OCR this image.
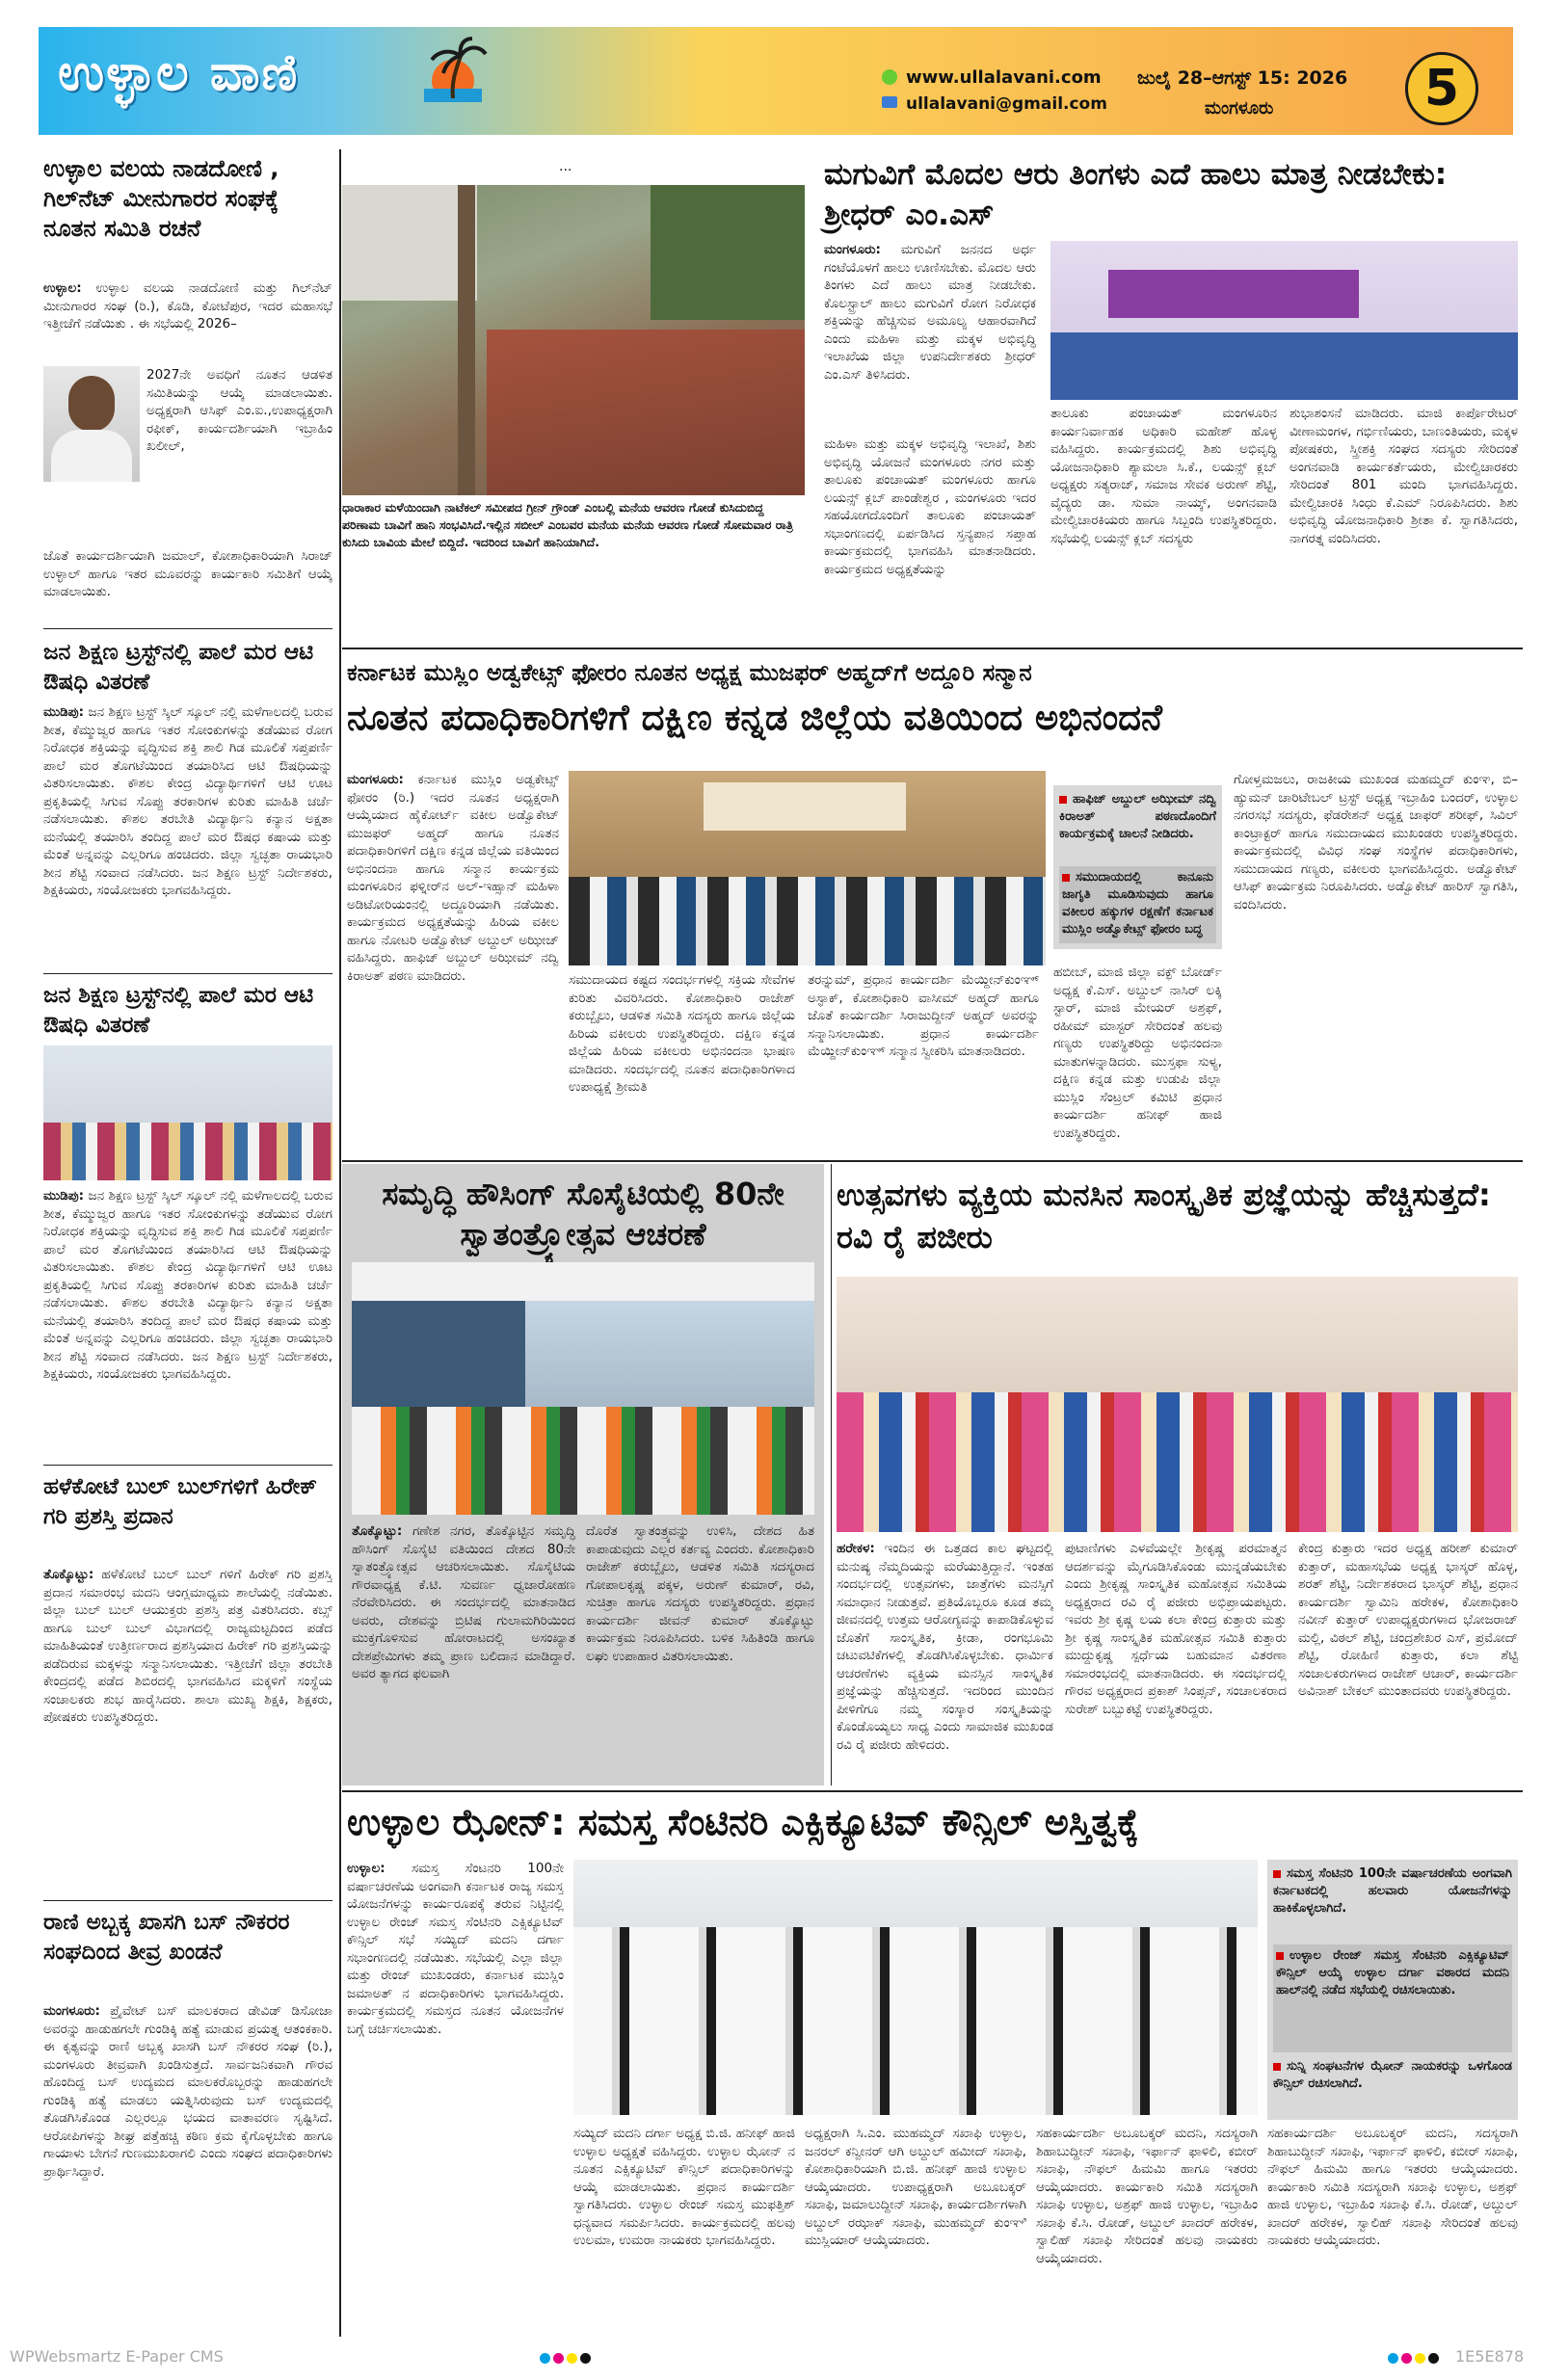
ಉಳ್ಳಾಲ ವಾಣಿ	www.ullalavani.com
ullalavani@gmail.com
ಜುಲೈ 28–ಆಗಸ್ಟ್ 15: 2026
ಮಂಗಳೂರು	5
ಉಳ್ಳಾಲ ವಲಯ ನಾಡದೋಣಿ , ಗಿಲ್‌ನೆಟ್ ಮೀನುಗಾರರ ಸಂಘಕ್ಕೆ ನೂತನ ಸಮಿತಿ ರಚನೆ
ಉಳ್ಳಾಲ: ಉಳ್ಳಾಲ ವಲಯ ನಾಡದೋಣಿ ಮತ್ತು ಗಿಲ್‌ನೆಟ್ ಮೀನುಗಾರರ ಸಂಘ (ರಿ.), ಕೊಡಿ, ಕೋಟೆಪುರ, ಇದರ ಮಹಾಸಭೆ ಇತ್ತೀಚೆಗೆ ನಡೆಯಿತು . ಈ ಸಭೆಯಲ್ಲಿ 2026–
2027ನೇ ಅವಧಿಗೆ ನೂತನ ಆಡಳಿತ ಸಮಿತಿಯನ್ನು ಆಯ್ಕೆ ಮಾಡಲಾಯಿತು. ಅಧ್ಯಕ್ಷರಾಗಿ ಆಸಿಫ್ ಎಂ.ಐ.,ಉಪಾಧ್ಯಕ್ಷರಾಗಿ ರಫೀಕ್, ಕಾರ್ಯದರ್ಶಿಯಾಗಿ ಇಬ್ರಾಹಿಂ ಖಲೀಲ್,
ಜೊತೆ ಕಾರ್ಯದರ್ಶಿಯಾಗಿ ಜಮಾಲ್, ಕೋಶಾಧಿಕಾರಿಯಾಗಿ ಸಿರಾಜ್ ಉಳ್ಳಾಲ್ ಹಾಗೂ ಇತರ ಮೂವರನ್ನು ಕಾರ್ಯಕಾರಿ ಸಮಿತಿಗೆ ಆಯ್ಕೆ ಮಾಡಲಾಯಿತು.
ಜನ ಶಿಕ್ಷಣ ಟ್ರಸ್ಟ್‌ನಲ್ಲಿ ಪಾಲೆ ಮರ ಆಟಿ ಔಷಧಿ ವಿತರಣೆ
ಮುಡಿಪು: ಜನ ಶಿಕ್ಷಣ ಟ್ರಸ್ಟ್ ಸ್ಕಿಲ್ ಸ್ಕೂಲ್ ನಲ್ಲಿ ಮಳೆಗಾಲದಲ್ಲಿ ಬರುವ ಶೀತ, ಕೆಮ್ಮುಜ್ವರ ಹಾಗೂ ಇತರ ಸೋಂಕುಗಳನ್ನು ತಡೆಯುವ ರೋಗ ನಿರೋಧಕ ಶಕ್ತಿಯನ್ನು ವೃದ್ಧಿಸುವ ಶಕ್ತಿ ಶಾಲಿ ಗಿಡ ಮೂಲಿಕೆ ಸಪ್ತಪರ್ಣಿ ಪಾಲೆ ಮರ ತೊಗಟೆಯಿಂದ ತಯಾರಿಸಿದ ಆಟಿ ಔಷಧಿಯನ್ನು ವಿತರಿಸಲಾಯಿತು. ಕೌಶಲ ಕೇಂದ್ರ ವಿದ್ಯಾರ್ಥಿಗಳಿಗೆ ಆಟಿ ಊಟ ಪ್ರಕೃತಿಯಲ್ಲಿ ಸಿಗುವ ಸೊಪ್ಪು ತರಕಾರಿಗಳ ಕುರಿತು ಮಾಹಿತಿ ಚರ್ಚೆ ನಡೆಸಲಾಯಿತು. ಕೌಶಲ ತರಬೇತಿ ವಿದ್ಯಾರ್ಥಿನಿ ಕನ್ಯಾನ ಅಕ್ಷತಾ ಮನೆಯಲ್ಲಿ ತಯಾರಿಸಿ ತಂದಿದ್ದ ಪಾಲೆ ಮರ ಔಷಧ ಕಷಾಯ ಮತ್ತು ಮೆಂತೆ ಅನ್ನವನ್ನು ಎಲ್ಲರಿಗೂ ಹಂಚಿದರು. ಜಿಲ್ಲಾ ಸ್ವಚ್ಛತಾ ರಾಯಭಾರಿ ಶೀನ ಶೆಟ್ಟಿ ಸಂವಾದ ನಡೆಸಿದರು. ಜನ ಶಿಕ್ಷಣ ಟ್ರಸ್ಟ್ ನಿರ್ದೇಶಕರು, ಶಿಕ್ಷಕಿಯರು, ಸಂಯೋಜಕರು ಭಾಗವಹಿಸಿದ್ದರು.
ಜನ ಶಿಕ್ಷಣ ಟ್ರಸ್ಟ್‌ನಲ್ಲಿ ಪಾಲೆ ಮರ ಆಟಿ ಔಷಧಿ ವಿತರಣೆ
ಮುಡಿಪು: ಜನ ಶಿಕ್ಷಣ ಟ್ರಸ್ಟ್ ಸ್ಕಿಲ್ ಸ್ಕೂಲ್ ನಲ್ಲಿ ಮಳೆಗಾಲದಲ್ಲಿ ಬರುವ ಶೀತ, ಕೆಮ್ಮುಜ್ವರ ಹಾಗೂ ಇತರ ಸೋಂಕುಗಳನ್ನು ತಡೆಯುವ ರೋಗ ನಿರೋಧಕ ಶಕ್ತಿಯನ್ನು ವೃದ್ಧಿಸುವ ಶಕ್ತಿ ಶಾಲಿ ಗಿಡ ಮೂಲಿಕೆ ಸಪ್ತಪರ್ಣಿ ಪಾಲೆ ಮರ ತೊಗಟೆಯಿಂದ ತಯಾರಿಸಿದ ಆಟಿ ಔಷಧಿಯನ್ನು ವಿತರಿಸಲಾಯಿತು. ಕೌಶಲ ಕೇಂದ್ರ ವಿದ್ಯಾರ್ಥಿಗಳಿಗೆ ಆಟಿ ಊಟ ಪ್ರಕೃತಿಯಲ್ಲಿ ಸಿಗುವ ಸೊಪ್ಪು ತರಕಾರಿಗಳ ಕುರಿತು ಮಾಹಿತಿ ಚರ್ಚೆ ನಡೆಸಲಾಯಿತು. ಕೌಶಲ ತರಬೇತಿ ವಿದ್ಯಾರ್ಥಿನಿ ಕನ್ಯಾನ ಅಕ್ಷತಾ ಮನೆಯಲ್ಲಿ ತಯಾರಿಸಿ ತಂದಿದ್ದ ಪಾಲೆ ಮರ ಔಷಧ ಕಷಾಯ ಮತ್ತು ಮೆಂತೆ ಅನ್ನವನ್ನು ಎಲ್ಲರಿಗೂ ಹಂಚಿದರು. ಜಿಲ್ಲಾ ಸ್ವಚ್ಛತಾ ರಾಯಭಾರಿ ಶೀನ ಶೆಟ್ಟಿ ಸಂವಾದ ನಡೆಸಿದರು. ಜನ ಶಿಕ್ಷಣ ಟ್ರಸ್ಟ್ ನಿರ್ದೇಶಕರು, ಶಿಕ್ಷಕಿಯರು, ಸಂಯೋಜಕರು ಭಾಗವಹಿಸಿದ್ದರು.
ಹಳೆಕೋಟೆ ಬುಲ್ ಬುಲ್‌ಗಳಿಗೆ ಹಿರೇಕ್ ಗರಿ ಪ್ರಶಸ್ತಿ ಪ್ರದಾನ
ತೊಕ್ಕೊಟ್ಟು: ಹಳೆಕೋಟೆ ಬುಲ್ ಬುಲ್ ಗಳಿಗೆ ಹಿರೇಕ್ ಗರಿ ಪ್ರಶಸ್ತಿ ಪ್ರದಾನ ಸಮಾರಂಭ ಮದನಿ ಆಂಗ್ಲಮಾಧ್ಯಮ ಶಾಲೆಯಲ್ಲಿ ನಡೆಯಿತು. ಜಿಲ್ಲಾ ಬುಲ್ ಬುಲ್ ಆಯುಕ್ತರು ಪ್ರಶಸ್ತಿ ಪತ್ರ ವಿತರಿಸಿದರು. ಕಬ್ಸ್ ಹಾಗೂ ಬುಲ್ ಬುಲ್ ವಿಭಾಗದಲ್ಲಿ ರಾಜ್ಯಮಟ್ಟದಿಂದ ಪಡೆದ ಮಾಹಿತಿಯಂತೆ ಉತ್ತೀರ್ಣರಾದ ಪ್ರಶಸ್ತಿಯಾದ ಹಿರೇಕ್ ಗರಿ ಪ್ರಶಸ್ತಿಯನ್ನು ಪಡೆದಿರುವ ಮಕ್ಕಳನ್ನು ಸನ್ಮಾನಿಸಲಾಯಿತು. ಇತ್ತೀಚೆಗೆ ಜಿಲ್ಲಾ ತರಬೇತಿ ಕೇಂದ್ರದಲ್ಲಿ ಪಡೆದ ಶಿಬಿರದಲ್ಲಿ ಭಾಗವಹಿಸಿದ ಮಕ್ಕಳಿಗೆ ಸಂಸ್ಥೆಯ ಸಂಚಾಲಕರು ಶುಭ ಹಾರೈಸಿದರು. ಶಾಲಾ ಮುಖ್ಯ ಶಿಕ್ಷಕಿ, ಶಿಕ್ಷಕರು, ಪೋಷಕರು ಉಪಸ್ಥಿತರಿದ್ದರು.
ರಾಣಿ ಅಬ್ಬಕ್ಕ ಖಾಸಗಿ ಬಸ್ ನೌಕರರ ಸಂಘದಿಂದ ತೀವ್ರ ಖಂಡನೆ
ಮಂಗಳೂರು: ಪ್ರೈವೇಟ್ ಬಸ್ ಮಾಲಕರಾದ ಡೇವಿಡ್ ಡಿಸೋಜಾ ಅವರನ್ನು ಹಾಡುಹಗಲೇ ಗುಂಡಿಕ್ಕಿ ಹತ್ಯೆ ಮಾಡುವ ಪ್ರಯತ್ನ ಆತಂಕಕಾರಿ. ಈ ಕೃತ್ಯವನ್ನು ರಾಣಿ ಅಬ್ಬಕ್ಕ ಖಾಸಗಿ ಬಸ್ ನೌಕರರ ಸಂಘ (ರಿ.), ಮಂಗಳೂರು ತೀವ್ರವಾಗಿ ಖಂಡಿಸುತ್ತದೆ. ಸಾರ್ವಜನಿಕವಾಗಿ ಗೌರವ ಹೊಂದಿದ್ದ ಬಸ್ ಉದ್ಯಮದ ಮಾಲಕರೊಬ್ಬರನ್ನು ಹಾಡುಹಗಲೇ ಗುಂಡಿಕ್ಕಿ ಹತ್ಯೆ ಮಾಡಲು ಯತ್ನಿಸಿರುವುದು ಬಸ್ ಉದ್ಯಮದಲ್ಲಿ ತೊಡಗಿಸಿಕೊಂಡ ಎಲ್ಲರಲ್ಲೂ ಭಯದ ವಾತಾವರಣ ಸೃಷ್ಟಿಸಿದೆ. ಆರೋಪಿಗಳನ್ನು ಶೀಘ್ರ ಪತ್ತೆಹಚ್ಚಿ ಕಠಿಣ ಕ್ರಮ ಕೈಗೊಳ್ಳಬೇಕು ಹಾಗೂ ಗಾಯಾಳು ಬೇಗನೆ ಗುಣಮುಖರಾಗಲಿ ಎಂದು ಸಂಘದ ಪದಾಧಿಕಾರಿಗಳು ಪ್ರಾರ್ಥಿಸಿದ್ದಾರೆ.
...
ಧಾರಾಕಾರ ಮಳೆಯಿಂದಾಗಿ ನಾಟೆಕಲ್ ಸಮೀಪದ ಗ್ರೀನ್ ಗ್ರೌಂಡ್ ಎಂಬಲ್ಲಿ ಮನೆಯ ಆವರಣ ಗೋಡೆ ಕುಸಿದುಬಿದ್ದ ಪರಿಣಾಮ ಬಾವಿಗೆ ಹಾನಿ ಸಂಭವಿಸಿದೆ.ಇಲ್ಲಿನ ಸಬೀಲ್ ಎಂಬವರ ಮನೆಯ ಮನೆಯ ಆವರಣ ಗೋಡೆ ಸೋಮವಾರ ರಾತ್ರಿ ಕುಸಿದು ಬಾವಿಯ ಮೇಲೆ ಬಿದ್ದಿದೆ. ಇದರಿಂದ ಬಾವಿಗೆ ಹಾನಿಯಾಗಿದೆ.
ಮಗುವಿಗೆ ಮೊದಲ ಆರು ತಿಂಗಳು ಎದೆ ಹಾಲು ಮಾತ್ರ ನೀಡಬೇಕು: ಶ್ರೀಧರ್ ಎಂ.ಎಸ್
ಮಂಗಳೂರು: ಮಗುವಿಗೆ ಜನನದ ಅರ್ಧ ಗಂಟೆಯೊಳಗೆ ಹಾಲು ಊಣಿಸಬೇಕು. ಮೊದಲ ಆರು ತಿಂಗಳು ಎದೆ ಹಾಲು ಮಾತ್ರ ನೀಡಬೇಕು. ಕೊಲಸ್ಟ್ರಾಲ್ ಹಾಲು ಮಗುವಿಗೆ ರೋಗ ನಿರೋಧಕ ಶಕ್ತಿಯನ್ನು ಹೆಚ್ಚಿಸುವ ಅಮೂಲ್ಯ ಆಹಾರವಾಗಿದೆ ಎಂದು ಮಹಿಳಾ ಮತ್ತು ಮಕ್ಕಳ ಅಭಿವೃದ್ಧಿ ಇಲಾಖೆಯ ಜಿಲ್ಲಾ ಉಪನಿರ್ದೇಶಕರು ಶ್ರೀಧರ್ ಎಂ.ಎಸ್ ತಿಳಿಸಿದರು.
ಮಹಿಳಾ ಮತ್ತು ಮಕ್ಕಳ ಅಭಿವೃದ್ಧಿ ಇಲಾಖೆ, ಶಿಶು ಅಭಿವೃದ್ಧಿ ಯೋಜನೆ ಮಂಗಳೂರು ನಗರ ಮತ್ತು ತಾಲೂಕು ಪಂಚಾಯತ್ ಮಂಗಳೂರು ಹಾಗೂ ಲಯನ್ಸ್ ಕ್ಲಬ್ ಪಾಂಡೇಶ್ವರ , ಮಂಗಳೂರು ಇದರ ಸಹಯೋಗದೊಂದಿಗೆ ತಾಲೂಕು ಪಂಚಾಯತ್ ಸಭಾಂಗಣದಲ್ಲಿ ಏರ್ಪಡಿಸಿದ ಸ್ತನ್ಯಪಾನ ಸಪ್ತಾಹ ಕಾರ್ಯಕ್ರಮದಲ್ಲಿ ಭಾಗವಹಿಸಿ ಮಾತನಾಡಿದರು. ಕಾರ್ಯಕ್ರಮದ ಅಧ್ಯಕ್ಷತೆಯನ್ನು
ತಾಲೂಕು ಪಂಚಾಯತ್ ಮಂಗಳೂರಿನ ಕಾರ್ಯನಿರ್ವಾಹಕ ಅಧಿಕಾರಿ ಮಹೇಶ್ ಹೊಳ್ಳ ವಹಿಸಿದ್ದರು. ಕಾರ್ಯಕ್ರಮದಲ್ಲಿ ಶಿಶು ಅಭಿವೃದ್ಧಿ ಯೋಜನಾಧಿಕಾರಿ ಶ್ಯಾಮಲಾ ಸಿ.ಕೆ., ಲಯನ್ಸ್ ಕ್ಲಬ್ ಅಧ್ಯಕ್ಷರು ಸತ್ಯರಾಜ್, ಸಮಾಜ ಸೇವಕ ಅರುಣ್ ಶೆಟ್ಟಿ, ವೈದ್ಯರು ಡಾ. ಸುಮಾ ನಾಯ್ಕ್, ಅಂಗನವಾಡಿ ಮೇಲ್ವಿಚಾರಕಿಯರು ಹಾಗೂ ಸಿಬ್ಬಂದಿ ಉಪಸ್ಥಿತರಿದ್ದರು. ಸಭೆಯಲ್ಲಿ ಲಯನ್ಸ್ ಕ್ಲಬ್ ಸದಸ್ಯರು
ಶುಭಾಶಂಸನೆ ಮಾಡಿದರು. ಮಾಜಿ ಕಾರ್ಪೊರೇಟರ್ ವೀಣಾಮಂಗಳ, ಗರ್ಭಿಣಿಯರು, ಬಾಣಂತಿಯರು, ಮಕ್ಕಳ ಪೋಷಕರು, ಸ್ತ್ರೀಶಕ್ತಿ ಸಂಘದ ಸದಸ್ಯರು ಸೇರಿದಂತೆ ಅಂಗನವಾಡಿ ಕಾರ್ಯಕರ್ತೆಯರು, ಮೇಲ್ವಿಚಾರಕರು ಸೇರಿದಂತೆ 801 ಮಂದಿ ಭಾಗವಹಿಸಿದ್ದರು. ಮೇಲ್ವಿಚಾರಕಿ ಸಿಂಧು ಕೆ.ಎಮ್ ನಿರೂಪಿಸಿದರು. ಶಿಶು ಅಭಿವೃದ್ಧಿ ಯೋಜನಾಧಿಕಾರಿ ಶ್ರೀತಾ ಕೆ. ಸ್ವಾಗತಿಸಿದರು, ನಾಗರತ್ನ ವಂದಿಸಿದರು.
ಕರ್ನಾಟಕ ಮುಸ್ಲಿಂ ಅಡ್ವಕೇಟ್ಸ್ ಫೋರಂ ನೂತನ ಅಧ್ಯಕ್ಷ ಮುಜಫರ್ ಅಹ್ಮದ್‌ಗೆ ಅದ್ದೂರಿ ಸನ್ಮಾನ
ನೂತನ ಪದಾಧಿಕಾರಿಗಳಿಗೆ ದಕ್ಷಿಣ ಕನ್ನಡ ಜಿಲ್ಲೆಯ ವತಿಯಿಂದ ಅಭಿನಂದನೆ
ಮಂಗಳೂರು: ಕರ್ನಾಟಕ ಮುಸ್ಲಿಂ ಅಡ್ವಕೇಟ್ಸ್ ಫೋರಂ (ರಿ.) ಇದರ ನೂತನ ಅಧ್ಯಕ್ಷರಾಗಿ ಆಯ್ಕೆಯಾದ ಹೈಕೋರ್ಟ್ ವಕೀಲ ಅಡ್ವೊಕೇಟ್ ಮುಜಫರ್ ಅಹ್ಮದ್ ಹಾಗೂ ನೂತನ ಪದಾಧಿಕಾರಿಗಳಿಗೆ ದಕ್ಷಿಣ ಕನ್ನಡ ಜಿಲ್ಲೆಯ ವತಿಯಿಂದ ಅಭಿನಂದನಾ ಹಾಗೂ ಸನ್ಮಾನ ಕಾರ್ಯಕ್ರಮ ಮಂಗಳೂರಿನ ಫಳ್ನೀರ್‌ನ ಅಲ್-ಇಹ್ಸಾನ್ ಮಹಿಳಾ ಅಡಿಟೋರಿಯಂನಲ್ಲಿ ಅದ್ದೂರಿಯಾಗಿ ನಡೆಯಿತು. ಕಾರ್ಯಕ್ರಮದ ಅಧ್ಯಕ್ಷತೆಯನ್ನು ಹಿರಿಯ ವಕೀಲ ಹಾಗೂ ನೋಟರಿ ಅಡ್ವೊಕೇಟ್ ಅಬ್ದುಲ್ ಅಝೀಜ್ ವಹಿಸಿದ್ದರು. ಹಾಫಿಜ್ ಅಬ್ದುಲ್ ಅಝೀಮ್ ನದ್ವಿ ಕಿರಾಅತ್ ಪಠಣ ಮಾಡಿದರು.
ಹಾಫಿಜ್ ಅಬ್ದುಲ್ ಅಝೀಮ್ ನದ್ವಿ ಕಿರಾಅತ್ ಪಠಣದೊಂದಿಗೆ ಕಾರ್ಯಕ್ರಮಕ್ಕೆ ಚಾಲನೆ ನೀಡಿದರು.
ಸಮುದಾಯದಲ್ಲಿ ಕಾನೂನು ಜಾಗೃತಿ ಮೂಡಿಸುವುದು ಹಾಗೂ ವಕೀಲರ ಹಕ್ಕುಗಳ ರಕ್ಷಣೆಗೆ ಕರ್ನಾಟಕ ಮುಸ್ಲಿಂ ಅಡ್ವೊಕೇಟ್ಸ್ ಫೋರಂ ಬದ್ಧ
ಸಮುದಾಯದ ಕಷ್ಟದ ಸಂದರ್ಭಗಳಲ್ಲಿ ಸಕ್ರಿಯ ಸೇವೆಗಳ ಕುರಿತು ವಿವರಿಸಿದರು. ಕೋಶಾಧಿಕಾರಿ ರಾಜೇಶ್ ಕರುಬ್ಬೈಲು, ಆಡಳಿತ ಸಮಿತಿ ಸದಸ್ಯರು ಹಾಗೂ ಜಿಲ್ಲೆಯ ಹಿರಿಯ ವಕೀಲರು ಉಪಸ್ಥಿತರಿದ್ದರು. ದಕ್ಷಿಣ ಕನ್ನಡ ಜಿಲ್ಲೆಯ ಹಿರಿಯ ವಕೀಲರು ಅಭಿನಂದನಾ ಭಾಷಣ ಮಾಡಿದರು. ಸಂದರ್ಭದಲ್ಲಿ ನೂತನ ಪದಾಧಿಕಾರಿಗಳಾದ ಉಪಾಧ್ಯಕ್ಷೆ ಶ್ರೀಮತಿ
ತರನ್ನುಮ್, ಪ್ರಧಾನ ಕಾರ್ಯದರ್ಶಿ ಮೆಯ್ದೀನ್‌ಕುಂಞ್ ಅಸ್ಫಾಕ್, ಕೋಶಾಧಿಕಾರಿ ವಾಸೀಮ್ ಅಹ್ಮದ್ ಹಾಗೂ ಜೊತೆ ಕಾರ್ಯದರ್ಶಿ ಸಿರಾಜುದ್ದೀನ್ ಅಹ್ಮದ್ ಅವರನ್ನು ಸನ್ಮಾನಿಸಲಾಯಿತು. ಪ್ರಧಾನ ಕಾರ್ಯದರ್ಶಿ ಮೆಯ್ದೀನ್‌ಕುಂಞ್ ಸನ್ಮಾನ ಸ್ವೀಕರಿಸಿ ಮಾತನಾಡಿದರು.
ಹಬೀಬ್, ಮಾಜಿ ಜಿಲ್ಲಾ ವಕ್ಫ್ ಬೋರ್ಡ್ ಅಧ್ಯಕ್ಷ ಕೆ.ಎಸ್. ಅಬ್ದುಲ್ ನಾಸಿರ್ ಲಕ್ಕಿ ಸ್ಟಾರ್, ಮಾಜಿ ಮೇಯರ್ ಅಶ್ರಫ್, ರಹೀಮ್ ಮಾಸ್ಟರ್ ಸೇರಿದಂತೆ ಹಲವು ಗಣ್ಯರು ಉಪಸ್ಥಿತರಿದ್ದು ಅಭಿನಂದನಾ ಮಾತುಗಳನ್ನಾಡಿದರು. ಮುಸ್ತಫಾ ಸುಳ್ಯ, ದಕ್ಷಿಣ ಕನ್ನಡ ಮತ್ತು ಉಡುಪಿ ಜಿಲ್ಲಾ ಮುಸ್ಲಿಂ ಸೆಂಟ್ರಲ್ ಕಮಿಟಿ ಪ್ರಧಾನ ಕಾರ್ಯದರ್ಶಿ ಹನೀಫ್ ಹಾಜಿ ಉಪಸ್ಥಿತರಿದ್ದರು.
ಗೋಳ್ತಮಜಲು, ರಾಜಕೀಯ ಮುಖಂಡ ಮಹಮ್ಮದ್ ಕುಂಞ, ಬಿ–ಹ್ಯುಮನ್ ಚಾರಿಟೇಬಲ್ ಟ್ರಸ್ಟ್ ಅಧ್ಯಕ್ಷ ಇಬ್ರಾಹಿಂ ಬಂದರ್, ಉಳ್ಳಾಲ ನಗರಸಭೆ ಸದಸ್ಯರು, ಫೆಡರೇಶನ್ ಅಧ್ಯಕ್ಷ ಜಾಫರ್ ಶರೀಫ್, ಸಿವಿಲ್ ಕಾಂಟ್ರಾಕ್ಟರ್ ಹಾಗೂ ಸಮುದಾಯದ ಮುಖಂಡರು ಉಪಸ್ಥಿತರಿದ್ದರು. ಕಾರ್ಯಕ್ರಮದಲ್ಲಿ ವಿವಿಧ ಸಂಘ ಸಂಸ್ಥೆಗಳ ಪದಾಧಿಕಾರಿಗಳು, ಸಮುದಾಯದ ಗಣ್ಯರು, ವಕೀಲರು ಭಾಗವಹಿಸಿದ್ದರು. ಅಡ್ವೊಕೇಟ್ ಆಸಿಫ್ ಕಾರ್ಯಕ್ರಮ ನಿರೂಪಿಸಿದರು. ಅಡ್ವೊಕೇಟ್ ಹಾರಿಸ್ ಸ್ವಾಗತಿಸಿ, ವಂದಿಸಿದರು.
ಸಮೃದ್ಧಿ ಹೌಸಿಂಗ್ ಸೊಸೈಟಿಯಲ್ಲಿ 80ನೇ ಸ್ವಾತಂತ್ರ್ಯೋತ್ಸವ ಆಚರಣೆ
ತೊಕ್ಕೊಟ್ಟು: ಗಣೇಶ ನಗರ, ತೊಕ್ಕೊಟ್ಟಿನ ಸಮೃದ್ಧಿ ಹೌಸಿಂಗ್ ಸೊಸೈಟಿ ವತಿಯಿಂದ ದೇಶದ 80ನೇ ಸ್ವಾತಂತ್ರ್ಯೋತ್ಸವ ಆಚರಿಸಲಾಯಿತು. ಸೊಸೈಟಿಯ ಗೌರವಾಧ್ಯಕ್ಷ ಕೆ.ಟಿ. ಸುವರ್ಣ ಧ್ವಜಾರೋಹಣ ನೆರವೇರಿಸಿದರು. ಈ ಸಂದರ್ಭದಲ್ಲಿ ಮಾತನಾಡಿದ ಅವರು, ದೇಶವನ್ನು ಬ್ರಿಟಿಷ ಗುಲಾಮಗಿರಿಯಿಂದ ಮುಕ್ತಗೊಳಿಸುವ ಹೋರಾಟದಲ್ಲಿ ಅಸಂಖ್ಯಾತ ದೇಶಪ್ರೇಮಿಗಳು ತಮ್ಮ ಪ್ರಾಣ ಬಲಿದಾನ ಮಾಡಿದ್ದಾರೆ. ಅವರ ತ್ಯಾಗದ ಫಲವಾಗಿ
ದೊರೆತ ಸ್ವಾತಂತ್ರ್ಯವನ್ನು ಉಳಿಸಿ, ದೇಶದ ಹಿತ ಕಾಪಾಡುವುದು ಎಲ್ಲರ ಕರ್ತವ್ಯ ಎಂದರು. ಕೋಶಾಧಿಕಾರಿ ರಾಜೇಶ್ ಕರುಬ್ಬೈಲು, ಆಡಳಿತ ಸಮಿತಿ ಸದಸ್ಯರಾದ ಗೋಪಾಲಕೃಷ್ಣ ಪಕ್ಕಳ, ಅರುಣ್ ಕುಮಾರ್, ರವಿ, ಸುಚಿತ್ರಾ ಹಾಗೂ ಸದಸ್ಯರು ಉಪಸ್ಥಿತರಿದ್ದರು. ಪ್ರಧಾನ ಕಾರ್ಯದರ್ಶಿ ಜೀವನ್ ಕುಮಾರ್ ತೊಕ್ಕೊಟ್ಟು ಕಾರ್ಯಕ್ರಮ ನಿರೂಪಿಸಿದರು. ಬಳಿಕ ಸಿಹಿತಿಂಡಿ ಹಾಗೂ ಲಘು ಉಪಾಹಾರ ವಿತರಿಸಲಾಯಿತು.
ಉತ್ಸವಗಳು ವ್ಯಕ್ತಿಯ ಮನಸಿನ ಸಾಂಸ್ಕೃತಿಕ ಪ್ರಜ್ಞೆಯನ್ನು ಹೆಚ್ಚಿಸುತ್ತದೆ: ರವಿ ರೈ ಪಜೀರು
ಹರೇಕಳ: ಇಂದಿನ ಈ ಒತ್ತಡದ ಕಾಲ ಘಟ್ಟದಲ್ಲಿ ಮನುಷ್ಯ ನೆಮ್ಮದಿಯನ್ನು ಮರೆಯುತ್ತಿದ್ದಾನೆ. ಇಂತಹ ಸಂದರ್ಭದಲ್ಲಿ ಉತ್ಸವಗಳು, ಜಾತ್ರೆಗಳು ಮನಸ್ಸಿಗೆ ಸಮಾಧಾನ ನೀಡುತ್ತವೆ. ಪ್ರತಿಯೊಬ್ಬರೂ ಕೂಡ ತಮ್ಮ ಜೀವನದಲ್ಲಿ ಉತ್ತಮ ಆರೋಗ್ಯವನ್ನು ಕಾಪಾಡಿಕೊಳ್ಳುವ ಜೊತೆಗೆ ಸಾಂಸ್ಕೃತಿಕ, ಕ್ರೀಡಾ, ರಂಗಭೂಮಿ ಚಟುವಟಿಕೆಗಳಲ್ಲಿ ತೊಡಗಿಸಿಕೊಳ್ಳಬೇಕು. ಧಾರ್ಮಿಕ ಆಚರಣೆಗಳು ವ್ಯಕ್ತಿಯ ಮನಸ್ಸಿನ ಸಾಂಸ್ಕೃತಿಕ ಪ್ರಜ್ಞೆಯನ್ನು ಹೆಚ್ಚಿಸುತ್ತದೆ. ಇದರಿಂದ ಮುಂದಿನ ಪೀಳಿಗೆಗೂ ನಮ್ಮ ಸಂಸ್ಕಾರ ಸಂಸ್ಕೃತಿಯನ್ನು ಕೊಂಡೊಯ್ಯಲು ಸಾಧ್ಯ ಎಂದು ಸಾಮಾಜಿಕ ಮುಖಂಡ ರವಿ ರೈ ಪಜೀರು ಹೇಳಿದರು.
ಪುಟಾಣಿಗಳು ಎಳವೆಯಲ್ಲೇ ಶ್ರೀಕೃಷ್ಣ ಪರಮಾತ್ಮನ ಆದರ್ಶವನ್ನು ಮೈಗೂಡಿಸಿಕೊಂಡು ಮುನ್ನಡೆಯಬೇಕು ಎಂದು ಶ್ರೀಕೃಷ್ಣ ಸಾಂಸ್ಕೃತಿಕ ಮಹೋತ್ಸವ ಸಮಿತಿಯ ಅಧ್ಯಕ್ಷರಾದ ರವಿ ರೈ ಪಜೀರು ಅಭಿಪ್ರಾಯಪಟ್ಟರು. ಇವರು ಶ್ರೀ ಕೃಷ್ಣ ಲಯ ಕಲಾ ಕೇಂದ್ರ ಕುತ್ತಾರು ಮತ್ತು ಶ್ರೀ ಕೃಷ್ಣ ಸಾಂಸ್ಕೃತಿಕ ಮಹೋತ್ಸವ ಸಮಿತಿ ಕುತ್ತಾರು ಮುದ್ದುಕೃಷ್ಣ ಸ್ಪರ್ಧೆಯ ಬಹುಮಾನ ವಿತರಣಾ ಸಮಾರಂಭದಲ್ಲಿ ಮಾತನಾಡಿದರು. ಈ ಸಂದರ್ಭದಲ್ಲಿ ಗೌರವ ಅಧ್ಯಕ್ಷರಾದ ಪ್ರಕಾಶ್ ಸಿಂಪ್ಸನ್, ಸಂಚಾಲಕರಾದ ಸುರೇಶ್ ಬಬ್ಬುಕಟ್ಟೆ ಉಪಸ್ಥಿತರಿದ್ದರು.
ಕೇಂದ್ರ ಕುತ್ತಾರು ಇದರ ಅಧ್ಯಕ್ಷ ಹರೀಶ್ ಕುಮಾರ್ ಕುತ್ತಾರ್, ಮಹಾಸಭೆಯ ಅಧ್ಯಕ್ಷ ಭಾಸ್ಕರ್ ಹೊಳ್ಳ, ಶರತ್ ಶೆಟ್ಟಿ, ನಿರ್ದೇಶಕರಾದ ಭಾಸ್ಕರ್ ಶೆಟ್ಟಿ, ಪ್ರಧಾನ ಕಾರ್ಯದರ್ಶಿ ಸ್ವಾಮಿನಿ ಹರೇಕಳ, ಕೋಶಾಧಿಕಾರಿ ನವೀನ್ ಕುತ್ತಾರ್ ಉಪಾಧ್ಯಕ್ಷರುಗಳಾದ ಭೋಜರಾಜ್ ಮಲ್ಲಿ, ವಿಠಲ್ ಶೆಟ್ಟಿ, ಚಂದ್ರಶೇಖರ ಎಸ್, ಪ್ರಮೋದ್ ಶೆಟ್ಟಿ, ರೋಹಿಣಿ ಕುತ್ತಾರು, ಕಲಾ ಶೆಟ್ಟಿ ಸಂಚಾಲಕರುಗಳಾದ ರಾಜೇಶ್ ಆಚಾರ್, ಕಾರ್ಯದರ್ಶಿ ಅವಿನಾಶ್ ಬೇಕಲ್ ಮುಂತಾದವರು ಉಪಸ್ಥಿತರಿದ್ದರು.
ಉಳ್ಳಾಲ ಝೋನ್: ಸಮಸ್ತ ಸೆಂಟಿನರಿ ಎಕ್ಸಿಕ್ಯೂಟಿವ್ ಕೌನ್ಸಿಲ್ ಅಸ್ತಿತ್ವಕ್ಕೆ
ಉಳ್ಳಾಲ: ಸಮಸ್ತ ಸೆಂಟನರಿ 100ನೇ ವರ್ಷಾಚರಣೆಯ ಅಂಗವಾಗಿ ಕರ್ನಾಟಕ ರಾಜ್ಯ ಸಮಸ್ತ ಯೋಜನೆಗಳನ್ನು ಕಾರ್ಯರೂಪಕ್ಕೆ ತರುವ ನಿಟ್ಟಿನಲ್ಲಿ ಉಳ್ಳಾಲ ರೇಂಜ್ ಸಮಸ್ತ ಸೆಂಟಿನರಿ ಎಕ್ಸಿಕ್ಯೂಟಿವ್ ಕೌನ್ಸಿಲ್ ಸಭೆ ಸಯ್ಯಿದ್ ಮದನಿ ದರ್ಗಾ ಸಭಾಂಗಣದಲ್ಲಿ ನಡೆಯಿತು. ಸಭೆಯಲ್ಲಿ ಎಲ್ಲಾ ಜಿಲ್ಲಾ ಮತ್ತು ರೇಂಜ್ ಮುಖಂಡರು, ಕರ್ನಾಟಕ ಮುಸ್ಲಿಂ ಜಮಾಅತ್ ನ ಪದಾಧಿಕಾರಿಗಳು ಭಾಗವಹಿಸಿದ್ದರು. ಕಾರ್ಯಕ್ರಮದಲ್ಲಿ ಸಮಸ್ತದ ನೂತನ ಯೋಜನೆಗಳ ಬಗ್ಗೆ ಚರ್ಚಿಸಲಾಯಿತು.
ಸಮಸ್ತ ಸೆಂಟಿನರಿ 100ನೇ ವರ್ಷಾಚರಣೆಯ ಅಂಗವಾಗಿ ಕರ್ನಾಟಕದಲ್ಲಿ ಹಲವಾರು ಯೋಜನೆಗಳನ್ನು ಹಾಕಿಕೊಳ್ಳಲಾಗಿದೆ.
ಉಳ್ಳಾಲ ರೇಂಜ್ ಸಮಸ್ತ ಸೆಂಟಿನರಿ ಎಕ್ಸಿಕ್ಯೂಟಿವ್ ಕೌನ್ಸಿಲ್ ಆಯ್ಕೆ ಉಳ್ಳಾಲ ದರ್ಗಾ ವಠಾರದ ಮದನಿ ಹಾಲ್‌ನಲ್ಲಿ ನಡೆದ ಸಭೆಯಲ್ಲಿ ರಚಿಸಲಾಯಿತು.
ಸುನ್ನಿ ಸಂಘಟನೆಗಳ ಝೋನ್ ನಾಯಕರನ್ನು ಒಳಗೊಂಡ ಕೌನ್ಸಿಲ್ ರಚಿಸಲಾಗಿದೆ.
ಸಯ್ಯಿದ್ ಮದನಿ ದರ್ಗಾ ಅಧ್ಯಕ್ಷ ಬಿ.ಜಿ. ಹನೀಫ್ ಹಾಜಿ ಉಳ್ಳಾಲ ಅಧ್ಯಕ್ಷತೆ ವಹಿಸಿದ್ದರು. ಉಳ್ಳಾಲ ಝೋನ್ ನ ನೂತನ ಎಕ್ಸಿಕ್ಯೂಟಿವ್ ಕೌನ್ಸಿಲ್ ಪದಾಧಿಕಾರಿಗಳನ್ನು ಆಯ್ಕೆ ಮಾಡಲಾಯಿತು. ಪ್ರಧಾನ ಕಾರ್ಯದರ್ಶಿ ಸ್ವಾಗತಿಸಿದರು. ಉಳ್ಳಾಲ ರೇಂಜ್ ಸಮಸ್ತ ಮುಫತ್ತಿಶ್ ಧನ್ಯವಾದ ಸಮರ್ಪಿಸಿದರು. ಕಾರ್ಯಕ್ರಮದಲ್ಲಿ ಹಲವು ಉಲಮಾ, ಉಮರಾ ನಾಯಕರು ಭಾಗವಹಿಸಿದ್ದರು.
ಅಧ್ಯಕ್ಷರಾಗಿ ಸಿ.ಎಂ. ಮುಹಮ್ಮದ್ ಸಖಾಫಿ ಉಳ್ಳಾಲ, ಜನರಲ್ ಕನ್ವೀನರ್ ಆಗಿ ಅಬ್ದುಲ್ ಹಮೀದ್ ಸಖಾಫಿ, ಕೋಶಾಧಿಕಾರಿಯಾಗಿ ಬಿ.ಜಿ. ಹನೀಫ್ ಹಾಜಿ ಉಳ್ಳಾಲ ಆಯ್ಕೆಯಾದರು. ಉಪಾಧ್ಯಕ್ಷರಾಗಿ ಅಬೂಬಕ್ಕರ್ ಸಖಾಫಿ, ಜಮಾಲುದ್ದೀನ್ ಸಖಾಫಿ, ಕಾರ್ಯದರ್ಶಿಗಳಾಗಿ ಅಬ್ದುಲ್ ರಝಾಕ್ ಸಖಾಫಿ, ಮುಹಮ್ಮದ್ ಕುಂಞಿ ಮುಸ್ಲಿಯಾರ್ ಆಯ್ಕೆಯಾದರು.
ಸಹಕಾರ್ಯದರ್ಶಿ ಅಬೂಬಕ್ಕರ್ ಮದನಿ, ಸದಸ್ಯರಾಗಿ ಶಿಹಾಬುದ್ದೀನ್ ಸಖಾಫಿ, ಇರ್ಫಾನ್ ಫಾಳಿಲಿ, ಕಬೀರ್ ಸಖಾಫಿ, ನೌಫಲ್ ಹಿಮಮಿ ಹಾಗೂ ಇತರರು ಆಯ್ಕೆಯಾದರು. ಕಾರ್ಯಕಾರಿ ಸಮಿತಿ ಸದಸ್ಯರಾಗಿ ಸಖಾಫಿ ಉಳ್ಳಾಲ, ಅಶ್ರಫ್ ಹಾಜಿ ಉಳ್ಳಾಲ, ಇಬ್ರಾಹಿಂ ಸಖಾಫಿ ಕೆ.ಸಿ. ರೋಡ್, ಅಬ್ದುಲ್ ಖಾದರ್ ಹರೇಕಳ, ಸ್ವಾಲಿಹ್ ಸಖಾಫಿ ಸೇರಿದಂತೆ ಹಲವು ನಾಯಕರು ಆಯ್ಕೆಯಾದರು.
ಸಹಕಾರ್ಯದರ್ಶಿ ಅಬೂಬಕ್ಕರ್ ಮದನಿ, ಸದಸ್ಯರಾಗಿ ಶಿಹಾಬುದ್ದೀನ್ ಸಖಾಫಿ, ಇರ್ಫಾನ್ ಫಾಳಿಲಿ, ಕಬೀರ್ ಸಖಾಫಿ, ನೌಫಲ್ ಹಿಮಮಿ ಹಾಗೂ ಇತರರು ಆಯ್ಕೆಯಾದರು. ಕಾರ್ಯಕಾರಿ ಸಮಿತಿ ಸದಸ್ಯರಾಗಿ ಸಖಾಫಿ ಉಳ್ಳಾಲ, ಅಶ್ರಫ್ ಹಾಜಿ ಉಳ್ಳಾಲ, ಇಬ್ರಾಹಿಂ ಸಖಾಫಿ ಕೆ.ಸಿ. ರೋಡ್, ಅಬ್ದುಲ್ ಖಾದರ್ ಹರೇಕಳ, ಸ್ವಾಲಿಹ್ ಸಖಾಫಿ ಸೇರಿದಂತೆ ಹಲವು ನಾಯಕರು ಆಯ್ಕೆಯಾದರು.
WPWebsmartz E-Paper CMS	1E5E878
